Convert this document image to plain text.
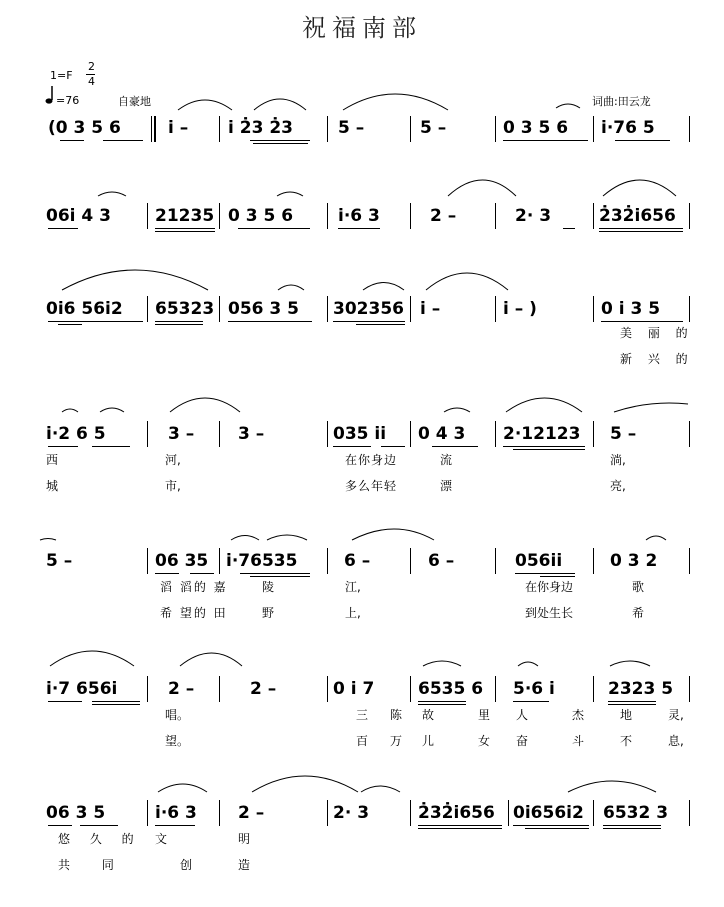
祝福南部
1=F
2
4
=76	自豪地	词曲:田云龙
(0 3 5 6	i – i 2̇3 2̇3	5 –	5 –	0 3 5 6 i·76 5
06i 4 3	21235 0 3 5 6	i·6 3	2 –	2· 3	2̇32̇i656
0i6 56i2 65323 056 3 5 302356 i –	i – )	0 i 3 5
美 丽 的
新 兴 的
i·2 6 5	3 –	3 –	035 ii 0 4 3 2·12123 5 –
西	河,	在你身边	流	淌,
城	市,	多么年轻	漂	亮,
5 –	06 35 i·76535	6 –	6 –	056ii	0 3 2
滔 滔的 嘉	陵	江,	在你身边	歌
希 望的 田	野	上,	到处生长	希
i·7 656i	2 –	2 –	0 i 7	6535 6 5·6 i	2323 5
唱。	三 陈 故	里 人	杰	地	灵,
望。	百 万 儿	女 奋	斗	不	息,
06 3 5	i·6 3 2 –	2· 3	2̇32̇i656 0i656i2 6532 3
悠 久 的 文	明
共 同	创	造
